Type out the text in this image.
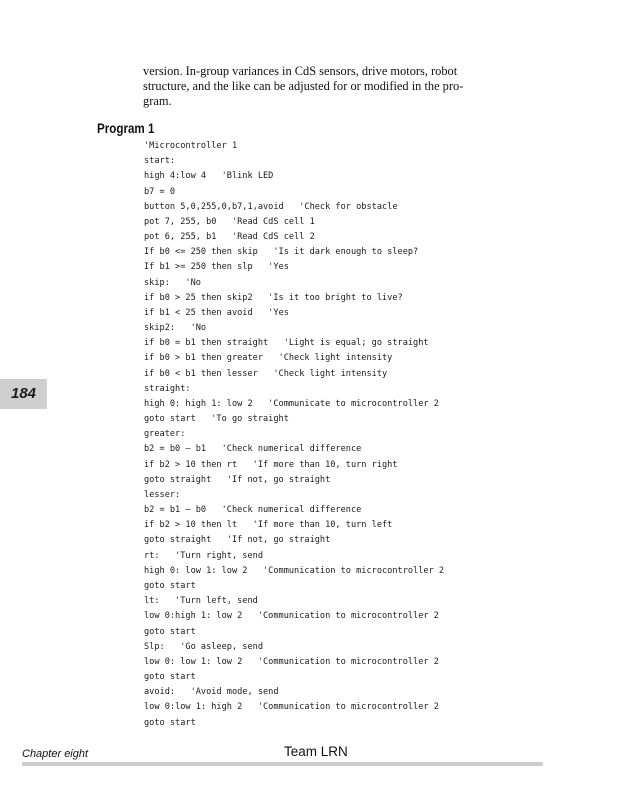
version. In-group variances in CdS sensors, drive motors, robot
structure, and the like can be adjusted for or modified in the pro-
gram.
Program 1
'Microcontroller 1
start:
high 4:low 4   'Blink LED
b7 = 0
button 5,0,255,0,b7,1,avoid   'Check for obstacle
pot 7, 255, b0   'Read CdS cell 1
pot 6, 255, b1   'Read CdS cell 2
If b0 <= 250 then skip   'Is it dark enough to sleep?
If b1 >= 250 then slp   'Yes
skip:   'No
if b0 > 25 then skip2   'Is it too bright to live?
if b1 < 25 then avoid   'Yes
skip2:   'No
if b0 = b1 then straight   'Light is equal; go straight
if b0 > b1 then greater   'Check light intensity
if b0 < b1 then lesser   'Check light intensity
straight:
high 0: high 1: low 2   'Communicate to microcontroller 2
goto start   'To go straight
greater:
b2 = b0 – b1   'Check numerical difference
if b2 > 10 then rt   'If more than 10, turn right
goto straight   'If not, go straight
lesser:
b2 = b1 – b0   'Check numerical difference
if b2 > 10 then lt   'If more than 10, turn left
goto straight   'If not, go straight
rt:   'Turn right, send
high 0: low 1: low 2   'Communication to microcontroller 2
goto start
lt:   'Turn left, send
low 0:high 1: low 2   'Communication to microcontroller 2
goto start
Slp:   'Go asleep, send
low 0: low 1: low 2   'Communication to microcontroller 2
goto start
avoid:   'Avoid mode, send
low 0:low 1: high 2   'Communication to microcontroller 2
goto start
184
Chapter eight	Team LRN
